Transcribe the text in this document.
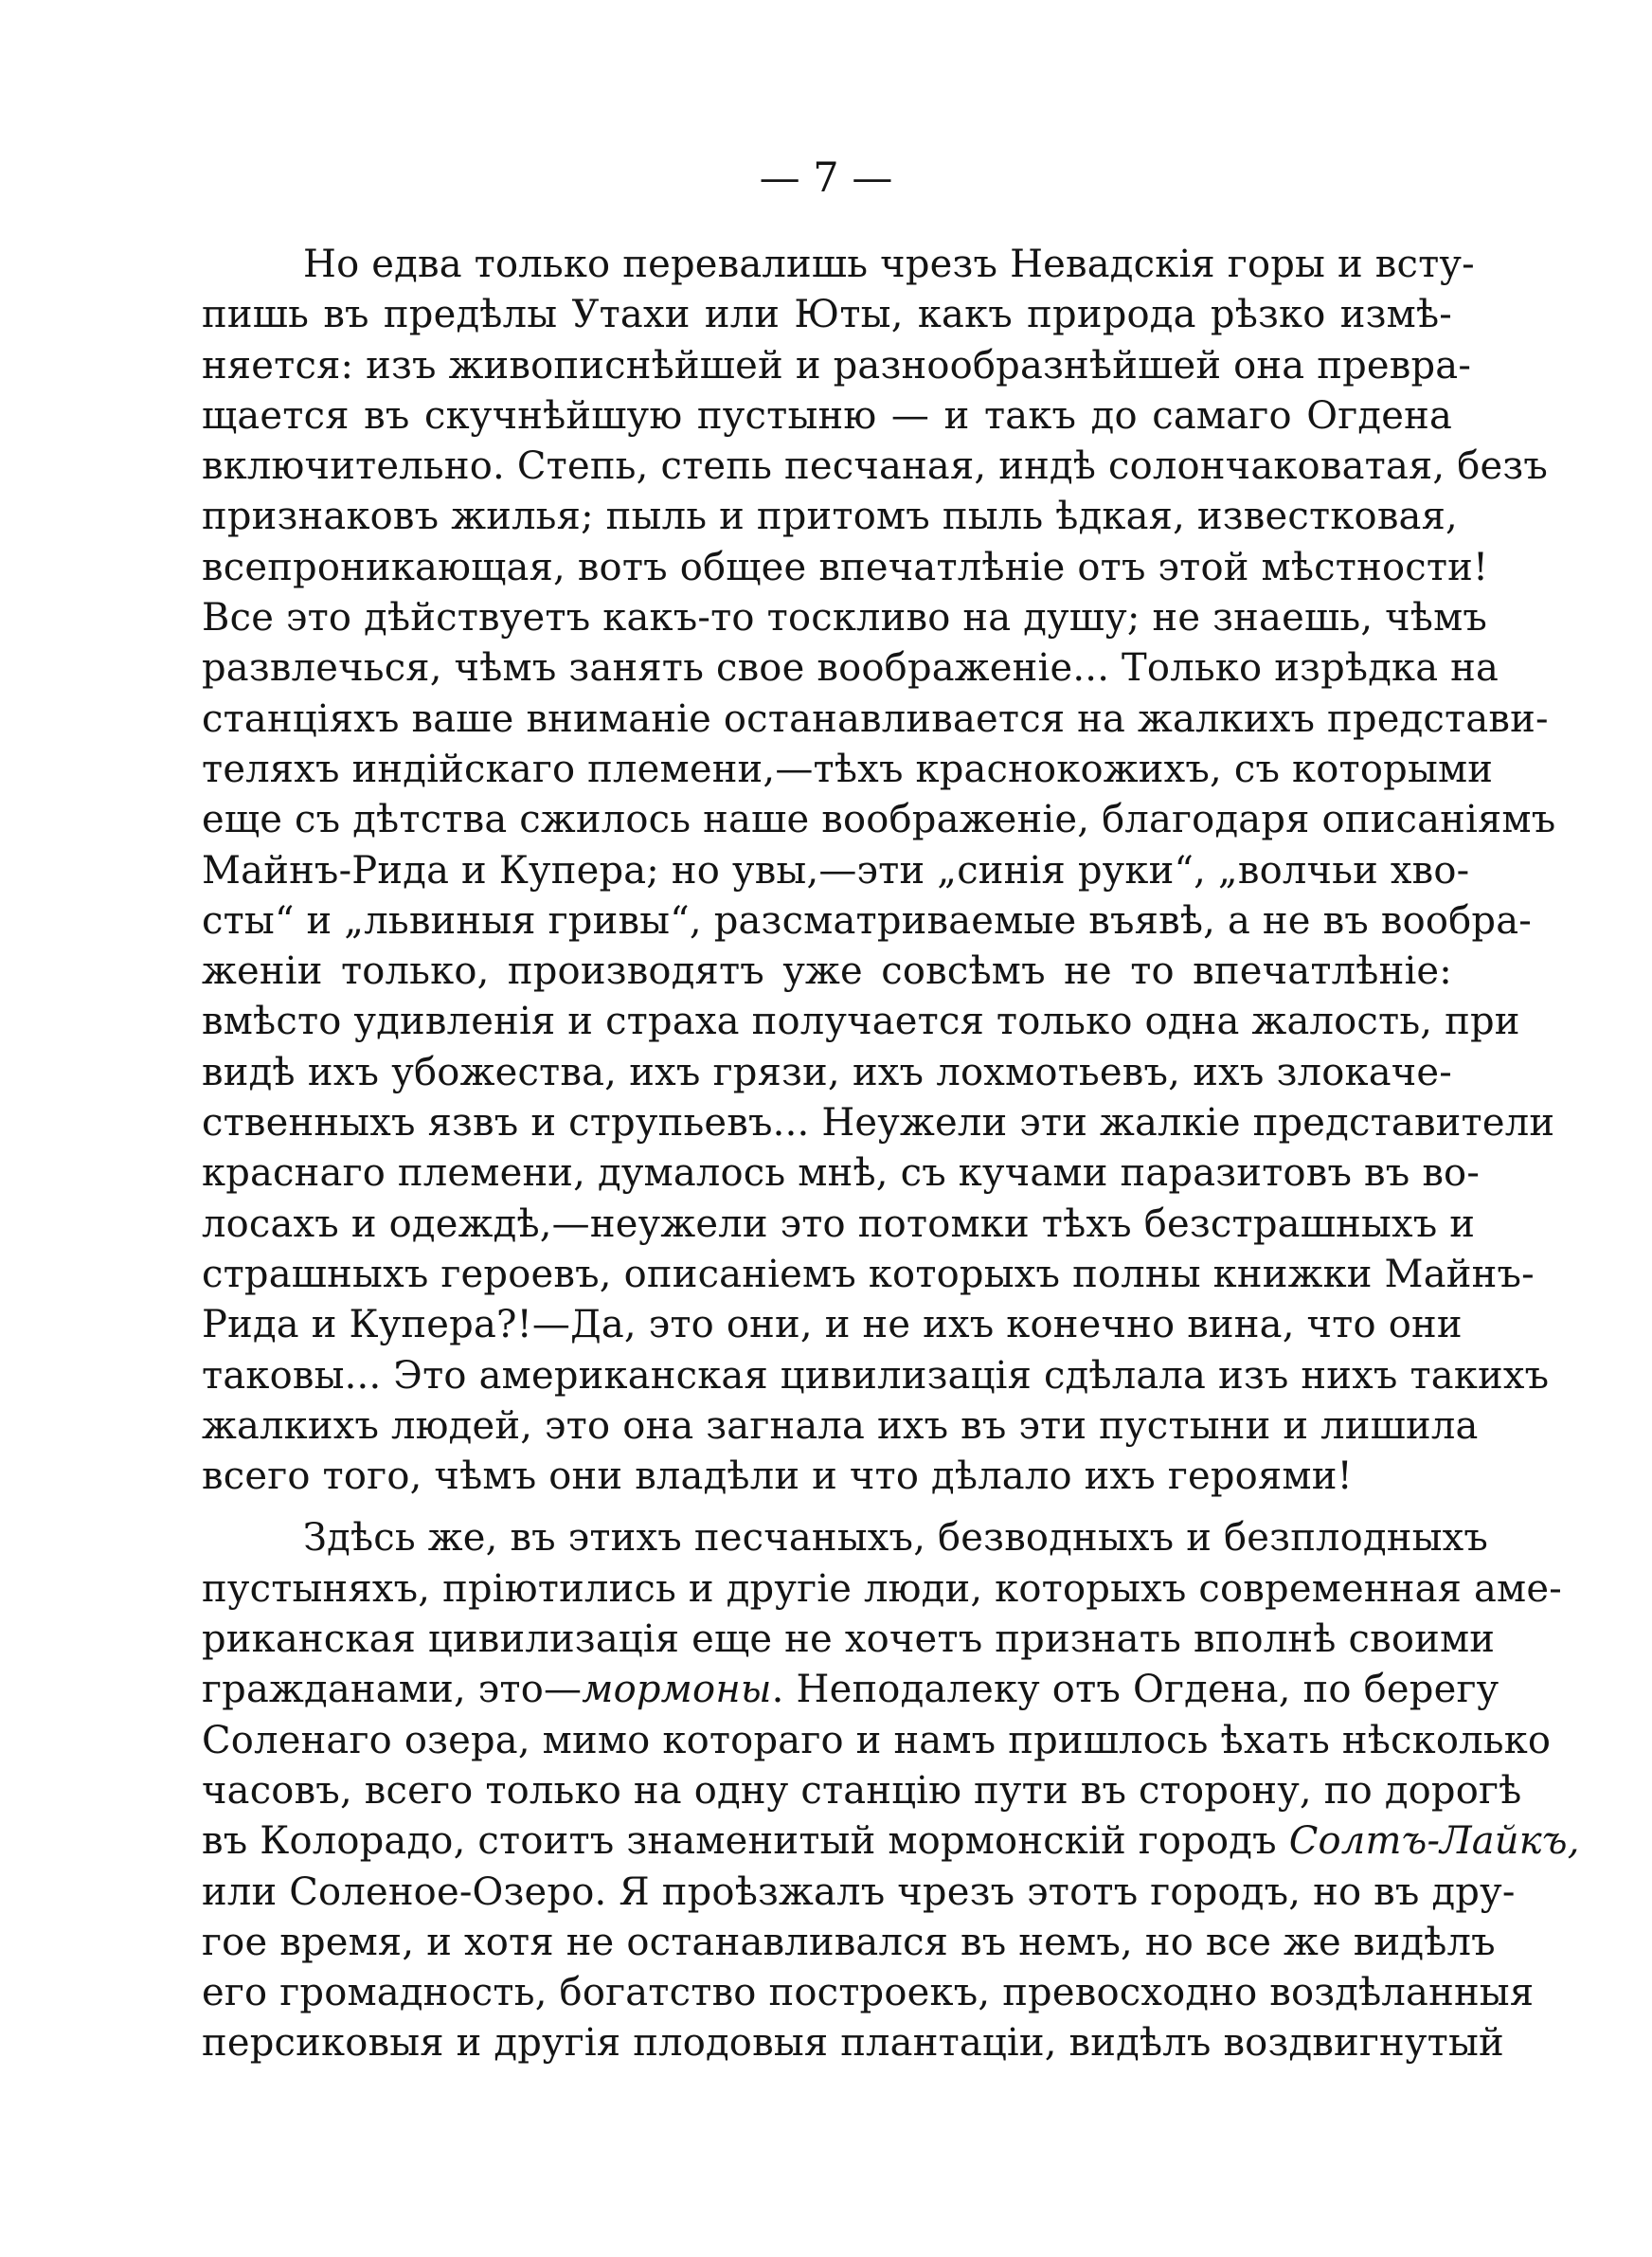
— 7 —
Но едва только перевалишь чрезъ Невадскія горы и всту-
пишь въ предѣлы Утахи или Юты, какъ природа рѣзко измѣ-
няется: изъ живописнѣйшей и разнообразнѣйшей она превра-
щается въ скучнѣйшую пустыню — и такъ до самаго Огдена
включительно. Степь, степь песчаная, индѣ солончаковатая, безъ
признаковъ жилья; пыль и притомъ пыль ѣдкая, известковая,
всепроникающая, вотъ общее впечатлѣніе отъ этой мѣстности!
Все это дѣйствуетъ какъ-то тоскливо на душу; не знаешь, чѣмъ
развлечься, чѣмъ занять свое воображеніе... Только изрѣдка на
станціяхъ ваше вниманіе останавливается на жалкихъ представи-
теляхъ индійскаго племени,—тѣхъ краснокожихъ, съ которыми
еще съ дѣтства сжилось наше воображеніе, благодаря описаніямъ
Майнъ-Рида и Купера; но увы,—эти „синія руки“, „волчьи хво-
сты“ и „львиныя гривы“, разсматриваемые въявѣ, а не въ вообра-
женіи только, производятъ уже совсѣмъ не то впечатлѣніе:
вмѣсто удивленія и страха получается только одна жалость, при
видѣ ихъ убожества, ихъ грязи, ихъ лохмотьевъ, ихъ злокаче-
ственныхъ язвъ и струпьевъ... Неужели эти жалкіе представители
краснаго племени, думалось мнѣ, съ кучами паразитовъ въ во-
лосахъ и одеждѣ,—неужели это потомки тѣхъ безстрашныхъ и
страшныхъ героевъ, описаніемъ которыхъ полны книжки Майнъ-
Рида и Купера?!—Да, это они, и не ихъ конечно вина, что они
таковы... Это американская цивилизація сдѣлала изъ нихъ такихъ
жалкихъ людей, это она загнала ихъ въ эти пустыни и лишила
всего того, чѣмъ они владѣли и что дѣлало ихъ героями!
Здѣсь же, въ этихъ песчаныхъ, безводныхъ и безплодныхъ
пустыняхъ, пріютились и другіе люди, которыхъ современная аме-
риканская цивилизація еще не хочетъ признать вполнѣ своими
гражданами, это—мормоны. Неподалеку отъ Огдена, по берегу
Соленаго озера, мимо котораго и намъ пришлось ѣхать нѣсколько
часовъ, всего только на одну станцію пути въ сторону, по дорогѣ
въ Колорадо, стоитъ знаменитый мормонскій городъ Солтъ-Лайкъ,
или Соленое-Озеро. Я проѣзжалъ чрезъ этотъ городъ, но въ дру-
гое время, и хотя не останавливался въ немъ, но все же видѣлъ
его громадность, богатство построекъ, превосходно воздѣланныя
персиковыя и другія плодовыя плантаціи, видѣлъ воздвигнутый
